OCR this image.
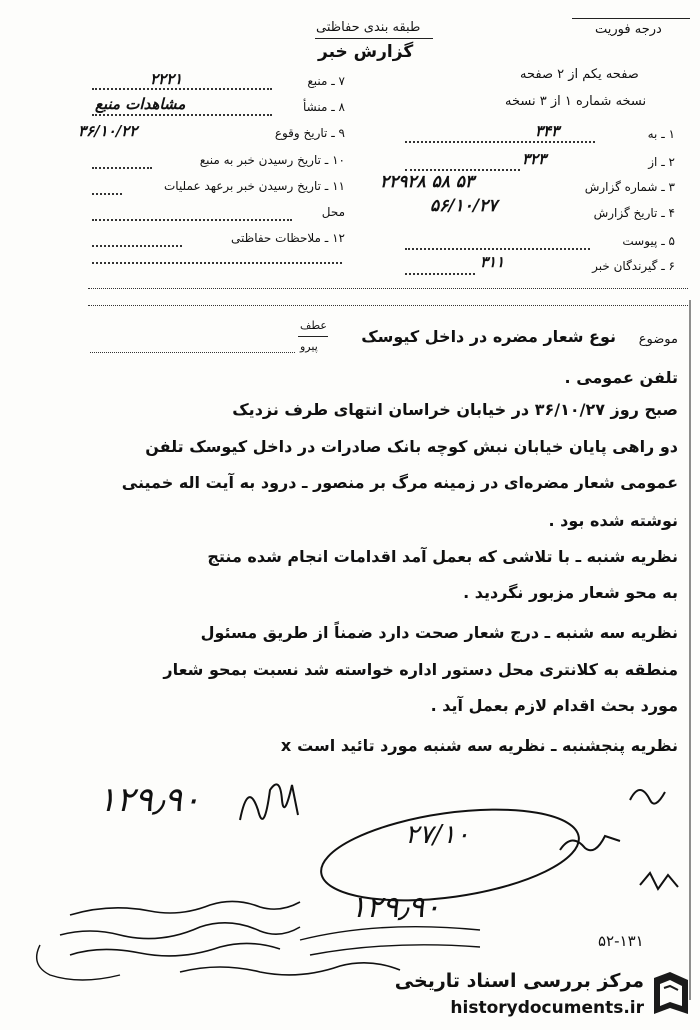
طبقه بندی حفاظتی
گزارش خبر
درجه فوریت
صفحه یکم از ۲ صفحه
نسخه شماره ۱ از ۳ نسخه
۷ ـ منبع
۲۲۲۱
۸ ـ منشأ
مشاهدات منبع
۹ ـ تاریخ وقوع
۳۶/۱۰/۲۲
۱۰ ـ تاریخ رسیدن خبر به منبع
۱۱ ـ تاریخ رسیدن خبر برعهد عملیات
محل
۱۲ ـ ملاحظات حفاظتی
۱ ـ به
۳۴۳
۲ ـ از
۳۲۳
۳ ـ شماره گزارش
۲۲۹۲۸ ۵۸ ۵۳
۴ ـ تاریخ گزارش
۵۶/۱۰/۲۷
۵ ـ پیوست
۶ ـ گیرندگان خبر
۳۱۱
موضوع
نوع شعار مضره در داخل کیوسک
عطف
پیرو
تلفن عمومی .
صبح روز ۳۶/۱۰/۲۷ در خیابان خراسان انتهای طرف نزدیک
دو راهی پایان خیابان نبش کوچه بانک صادرات در داخل کیوسک تلفن
عمومی شعار مضره‌ای در زمینه مرگ بر منصور ـ درود به آیت اله خمینی
نوشته شده بود .
نظریه شنبه ـ با تلاشی که بعمل آمد اقدامات انجام شده منتج
به محو شعار مزبور نگردید .
نظریه سه شنبه ـ درج شعار صحت دارد ضمناً از طریق مسئول
منطقه به کلانتری محل دستور اداره خواسته شد نسبت بمحو شعار
مورد بحث اقدام لازم بعمل آید .
نظریه پنجشنبه ـ نظریه سه شنبه مورد تائید است x
۱۲۹٫۹۰
۱۲۹٫۹۰
۲۷/۱۰
۵۲-۱۳۱
مرکز بررسی اسناد تاریخی
historydocuments.ir
